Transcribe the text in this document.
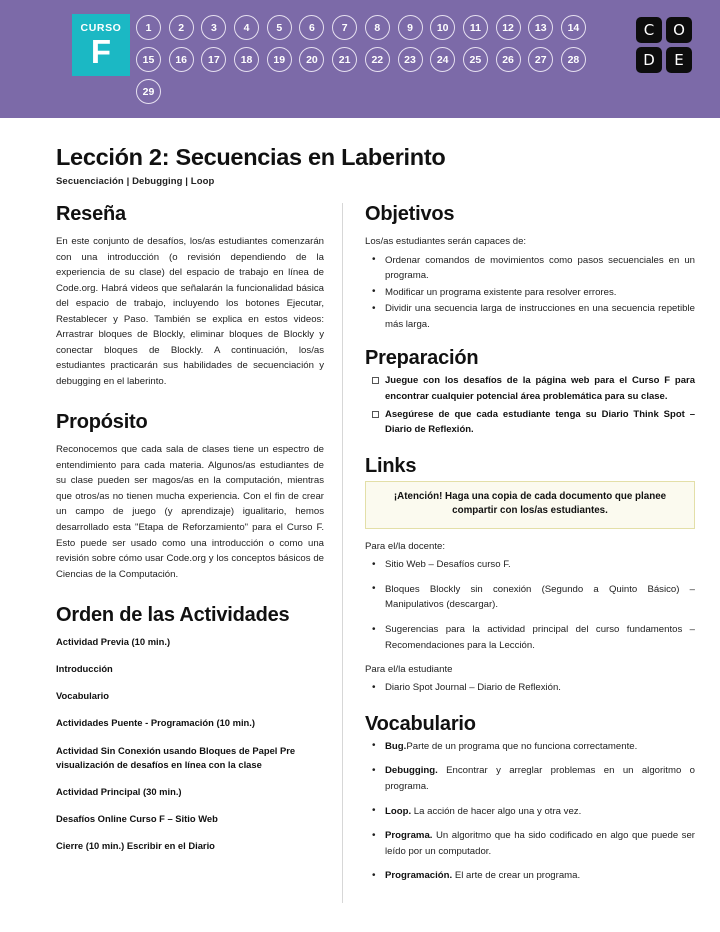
CURSO
F
1	2	3	4	5	6	7	8	9	10	11	12	13	14
15	16	17	18	19	20	21	22	23	24	25	26	27	28
29
C	O
D	E
Lección 2: Secuencias en Laberinto
Secuenciación | Debugging | Loop
Reseña

En este conjunto de desafíos, los/as estudiantes comenzarán con una introducción (o revisión dependiendo de la experiencia de su clase) del espacio de trabajo en línea de Code.org. Habrá videos que señalarán la funcionalidad básica del espacio de trabajo, incluyendo los botones Ejecutar, Restablecer y Paso. También se explica en estos videos: Arrastrar bloques de Blockly, eliminar bloques de Blockly y conectar bloques de Blockly. A continuación, los/as estudiantes practicarán sus habilidades de secuenciación y debugging en el laberinto.

Propósito

Reconocemos que cada sala de clases tiene un espectro de entendimiento para cada materia. Algunos/as estudiantes de su clase pueden ser magos/as en la computación, mientras que otros/as no tienen mucha experiencia. Con el fin de crear un campo de juego (y aprendizaje) igualitario, hemos desarrollado esta "Etapa de Reforzamiento" para el Curso F. Esto puede ser usado como una introducción o como una revisión sobre cómo usar Code.org y los conceptos básicos de Ciencias de la Computación.

Orden de las Actividades
Actividad Previa (10 min.)
Introducción
Vocabulario
Actividades Puente - Programación (10 min.)
Actividad Sin Conexión usando Bloques de Papel Pre visualización de desafíos en línea con la clase
Actividad Principal (30 min.)
Desafíos Online Curso F – Sitio Web
Cierre (10 min.) Escribir en el Diario
Objetivos

Los/as estudiantes serán capaces de:

• Ordenar comandos de movimientos como pasos secuenciales en un programa.
• Modificar un programa existente para resolver errores.
• Dividir una secuencia larga de instrucciones en una secuencia repetible más larga.
Preparación
Juegue con los desafíos de la página web para el Curso F para encontrar cualquier potencial área problemática para su clase.
Asegúrese de que cada estudiante tenga su Diario Think Spot – Diario de Reflexión.
Links
¡Atención! Haga una copia de cada documento que planee compartir con los/as estudiantes.
Para el/la docente:
• Sitio Web – Desafíos curso F.
• Bloques Blockly sin conexión (Segundo a Quinto Básico) – Manipulativos (descargar).
• Sugerencias para la actividad principal del curso fundamentos – Recomendaciones para la Lección.
Para el/la estudiante
• Diario Spot Journal – Diario de Reflexión.
Vocabulario
• Bug.Parte de un programa que no funciona correctamente.
• Debugging. Encontrar y arreglar problemas en un algoritmo o programa.
• Loop. La acción de hacer algo una y otra vez.
• Programa. Un algoritmo que ha sido codificado en algo que puede ser leído por un computador.
• Programación. El arte de crear un programa.
